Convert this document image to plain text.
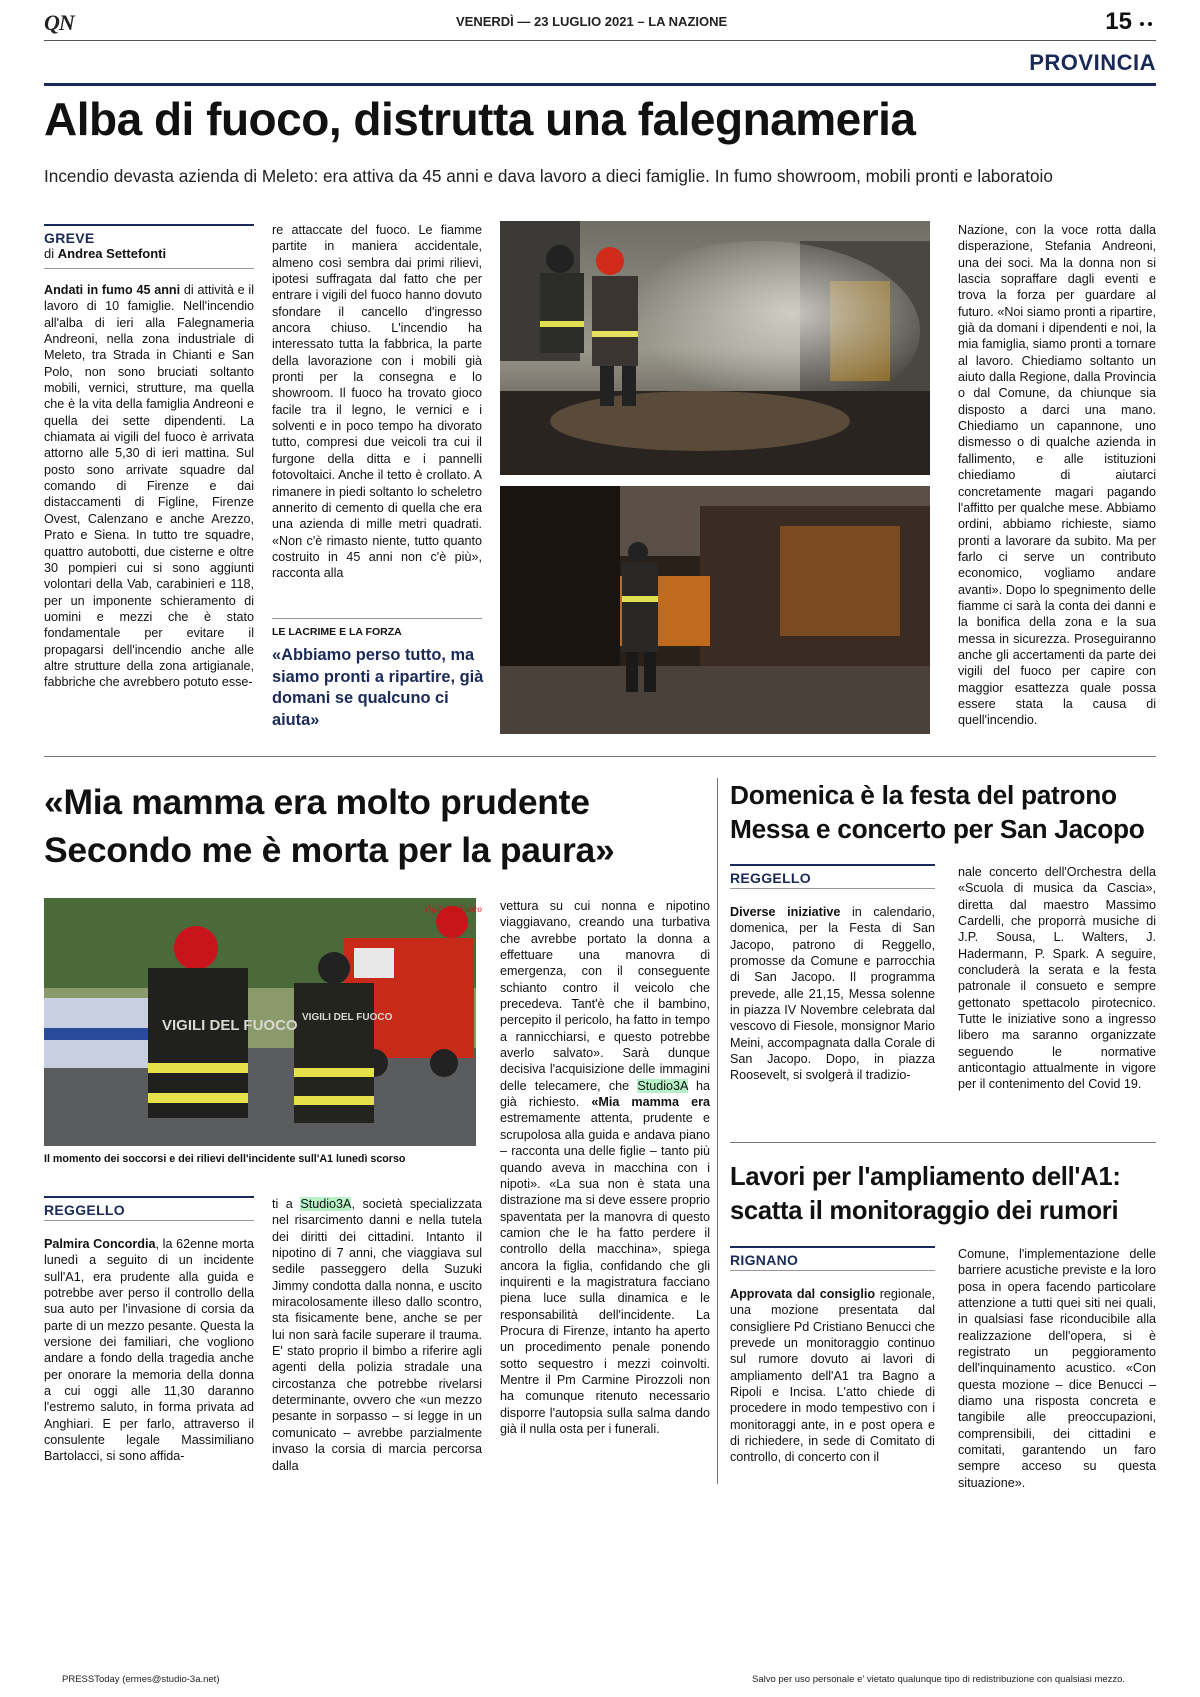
QN	VENERDÌ — 23 LUGLIO 2021 – LA NAZIONE	15
PROVINCIA
Alba di fuoco, distrutta una falegnameria
Incendio devasta azienda di Meleto: era attiva da 45 anni e dava lavoro a dieci famiglie. In fumo showroom, mobili pronti e laboratoio
GREVE
di Andrea Settefonti
Andati in fumo 45 anni di attività e il lavoro di 10 famiglie. Nell'incendio all'alba di ieri alla Falegnameria Andreoni, nella zona industriale di Meleto, tra Strada in Chianti e San Polo, non sono bruciati soltanto mobili, vernici, strutture, ma quella che è la vita della famiglia Andreoni e quella dei sette dipendenti. La chiamata ai vigili del fuoco è arrivata attorno alle 5,30 di ieri mattina. Sul posto sono arrivate squadre dal comando di Firenze e dai distaccamenti di Figline, Firenze Ovest, Calenzano e anche Arezzo, Prato e Siena. In tutto tre squadre, quattro autobotti, due cisterne e oltre 30 pompieri cui si sono aggiunti volontari della Vab, carabinieri e 118, per un imponente schieramento di uomini e mezzi che è stato fondamentale per evitare il propagarsi dell'incendio anche alle altre strutture della zona artigianale, fabbriche che avrebbero potuto esse-
re attaccate del fuoco. Le fiamme partite in maniera accidentale, almeno così sembra dai primi rilievi, ipotesi suffragata dal fatto che per entrare i vigili del fuoco hanno dovuto sfondare il cancello d'ingresso ancora chiuso. L'incendio ha interessato tutta la fabbrica, la parte della lavorazione con i mobili già pronti per la consegna e lo showroom. Il fuoco ha trovato gioco facile tra il legno, le vernici e i solventi e in poco tempo ha divorato tutto, compresi due veicoli tra cui il furgone della ditta e i pannelli fotovoltaici. Anche il tetto è crollato. A rimanere in piedi soltanto lo scheletro annerito di cemento di quella che era una azienda di mille metri quadrati. «Non c'è rimasto niente, tutto quanto costruito in 45 anni non c'è più», racconta alla
LE LACRIME E LA FORZA
«Abbiamo perso tutto, ma siamo pronti a ripartire, già domani se qualcuno ci aiuta»
Nazione, con la voce rotta dalla disperazione, Stefania Andreoni, una dei soci. Ma la donna non si lascia sopraffare dagli eventi e trova la forza per guardare al futuro. «Noi siamo pronti a ripartire, già da domani i dipendenti e noi, la mia famiglia, siamo pronti a tornare al lavoro. Chiediamo soltanto un aiuto dalla Regione, dalla Provincia o dal Comune, da chiunque sia disposto a darci una mano. Chiediamo un capannone, uno dismesso o di qualche azienda in fallimento, e alle istituzioni chiediamo di aiutarci concretamente magari pagando l'affitto per qualche mese. Abbiamo ordini, abbiamo richieste, siamo pronti a lavorare da subito. Ma per farlo ci serve un contributo economico, vogliamo andare avanti». Dopo lo spegnimento delle fiamme ci sarà la conta dei danni e la bonifica della zona e la sua messa in sicurezza. Proseguiranno anche gli accertamenti da parte dei vigili del fuoco per capire con maggior esattezza quale possa essere stata la causa di quell'incendio.
«Mia mamma era molto prudente
Secondo me è morta per la paura»
VIGILI DEL FUOCO VIGILI DEL FUOCO
Vigili del Fuoco
Il momento dei soccorsi e dei rilievi dell'incidente sull'A1 lunedì scorso
REGGELLO
Palmira Concordia, la 62enne morta lunedì a seguito di un incidente sull'A1, era prudente alla guida e potrebbe aver perso il controllo della sua auto per l'invasione di corsia da parte di un mezzo pesante. Questa la versione dei familiari, che vogliono andare a fondo della tragedia anche per onorare la memoria della donna a cui oggi alle 11,30 daranno l'estremo saluto, in forma privata ad Anghiari. E per farlo, attraverso il consulente legale Massimiliano Bartolacci, si sono affida-
ti a Studio3A, società specializzata nel risarcimento danni e nella tutela dei diritti dei cittadini. Intanto il nipotino di 7 anni, che viaggiava sul sedile passeggero della Suzuki Jimmy condotta dalla nonna, e uscito miracolosamente illeso dallo scontro, sta fisicamente bene, anche se per lui non sarà facile superare il trauma. E' stato proprio il bimbo a riferire agli agenti della polizia stradale una circostanza che potrebbe rivelarsi determinante, ovvero che «un mezzo pesante in sorpasso – si legge in un comunicato – avrebbe parzialmente invaso la corsia di marcia percorsa dalla
vettura su cui nonna e nipotino viaggiavano, creando una turbativa che avrebbe portato la donna a effettuare una manovra di emergenza, con il conseguente schianto contro il veicolo che precedeva. Tant'è che il bambino, percepito il pericolo, ha fatto in tempo a rannicchiarsi, e questo potrebbe averlo salvato». Sarà dunque decisiva l'acquisizione delle immagini delle telecamere, che Studio3A ha già richiesto. «Mia mamma era estremamente attenta, prudente e scrupolosa alla guida e andava piano – racconta una delle figlie – tanto più quando aveva in macchina con i nipoti». «La sua non è stata una distrazione ma si deve essere proprio spaventata per la manovra di questo camion che le ha fatto perdere il controllo della macchina», spiega ancora la figlia, confidando che gli inquirenti e la magistratura facciano piena luce sulla dinamica e le responsabilità dell'incidente. La Procura di Firenze, intanto ha aperto un procedimento penale ponendo sotto sequestro i mezzi coinvolti. Mentre il Pm Carmine Pirozzoli non ha comunque ritenuto necessario disporre l'autopsia sulla salma dando già il nulla osta per i funerali.
Domenica è la festa del patrono
Messa e concerto per San Jacopo
REGGELLO
Diverse iniziative in calendario, domenica, per la Festa di San Jacopo, patrono di Reggello, promosse da Comune e parrocchia di San Jacopo. Il programma prevede, alle 21,15, Messa solenne in piazza IV Novembre celebrata dal vescovo di Fiesole, monsignor Mario Meini, accompagnata dalla Corale di San Jacopo. Dopo, in piazza Roosevelt, si svolgerà il tradizio-
nale concerto dell'Orchestra della «Scuola di musica da Cascia», diretta dal maestro Massimo Cardelli, che proporrà musiche di J.P. Sousa, L. Walters, J. Hadermann, P. Spark. A seguire, concluderà la serata e la festa patronale il consueto e sempre gettonato spettacolo pirotecnico. Tutte le iniziative sono a ingresso libero ma saranno organizzate seguendo le normative anticontagio attualmente in vigore per il contenimento del Covid 19.
Lavori per l'ampliamento dell'A1:
scatta il monitoraggio dei rumori
RIGNANO
Approvata dal consiglio regionale, una mozione presentata dal consigliere Pd Cristiano Benucci che prevede un monitoraggio continuo sul rumore dovuto ai lavori di ampliamento dell'A1 tra Bagno a Ripoli e Incisa. L'atto chiede di procedere in modo tempestivo con i monitoraggi ante, in e post opera e di richiedere, in sede di Comitato di controllo, di concerto con il
Comune, l'implementazione delle barriere acustiche previste e la loro posa in opera facendo particolare attenzione a tutti quei siti nei quali, in qualsiasi fase riconducibile alla realizzazione dell'opera, si è registrato un peggioramento dell'inquinamento acustico. «Con questa mozione – dice Benucci – diamo una risposta concreta e tangibile alle preoccupazioni, comprensibili, dei cittadini e comitati, garantendo un faro sempre acceso su questa situazione».
PRESSToday (ermes@studio-3a.net)	Salvo per uso personale e' vietato qualunque tipo di redistribuzione con qualsiasi mezzo.
